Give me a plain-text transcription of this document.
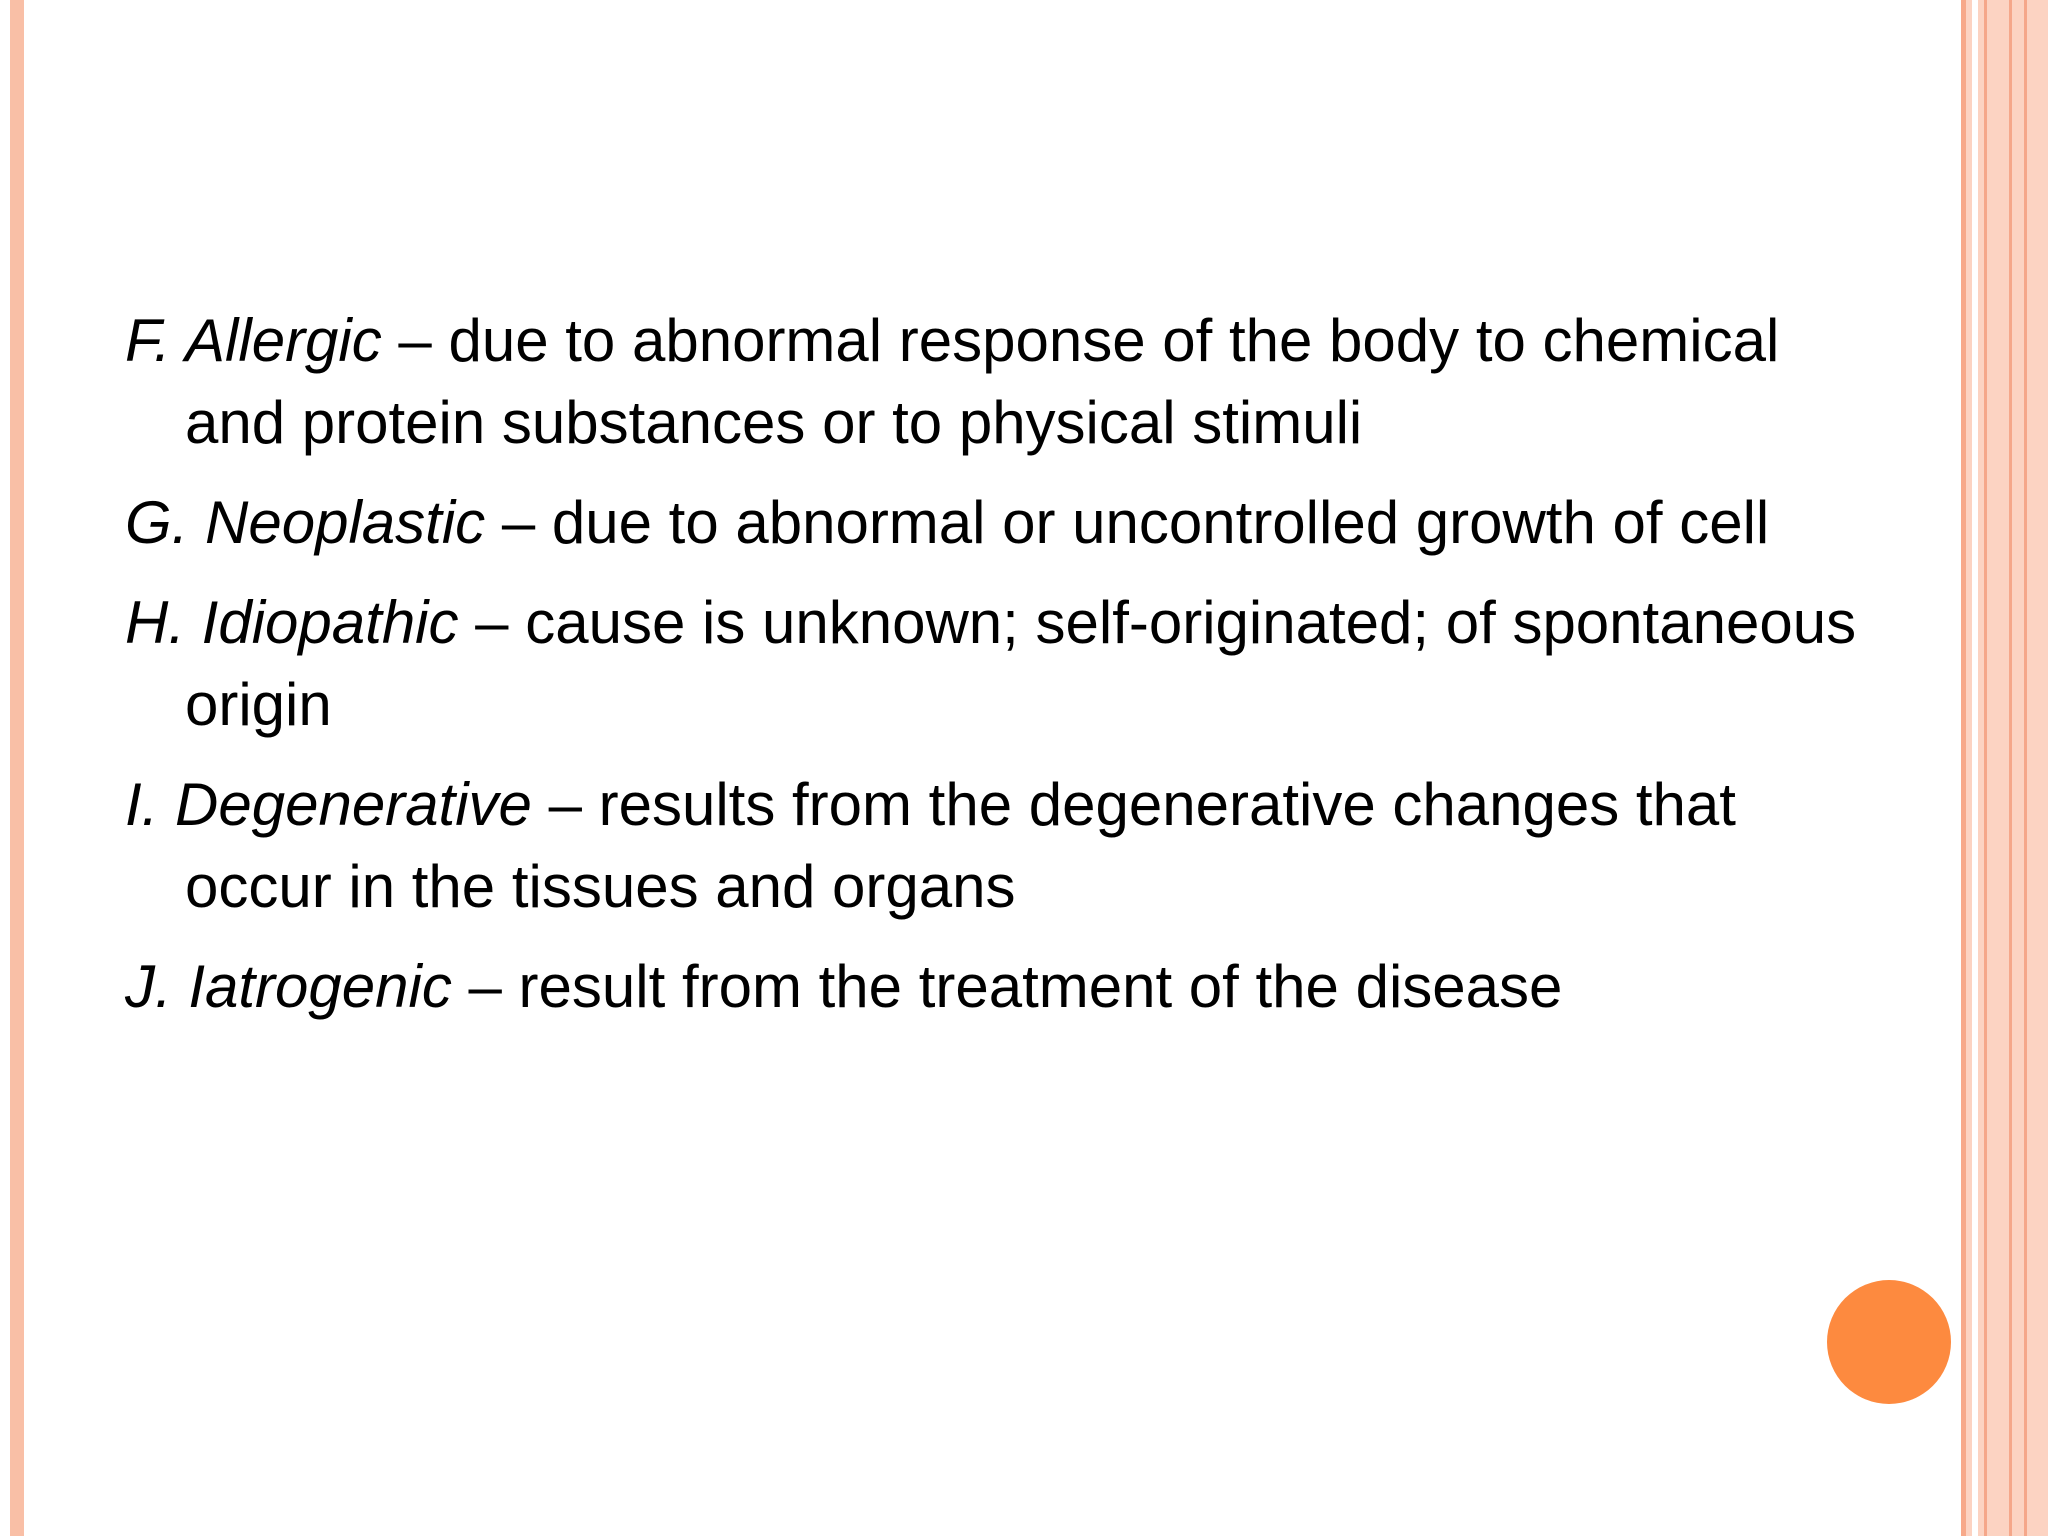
F. Allergic – due to abnormal response of the body to chemical and protein substances or to physical stimuli

G. Neoplastic – due to abnormal or uncontrolled growth of cell

H. Idiopathic – cause is unknown; self-originated; of spontaneous origin

I. Degenerative – results from the degenerative changes that occur in the tissues and organs

J. Iatrogenic – result from the treatment of the disease
